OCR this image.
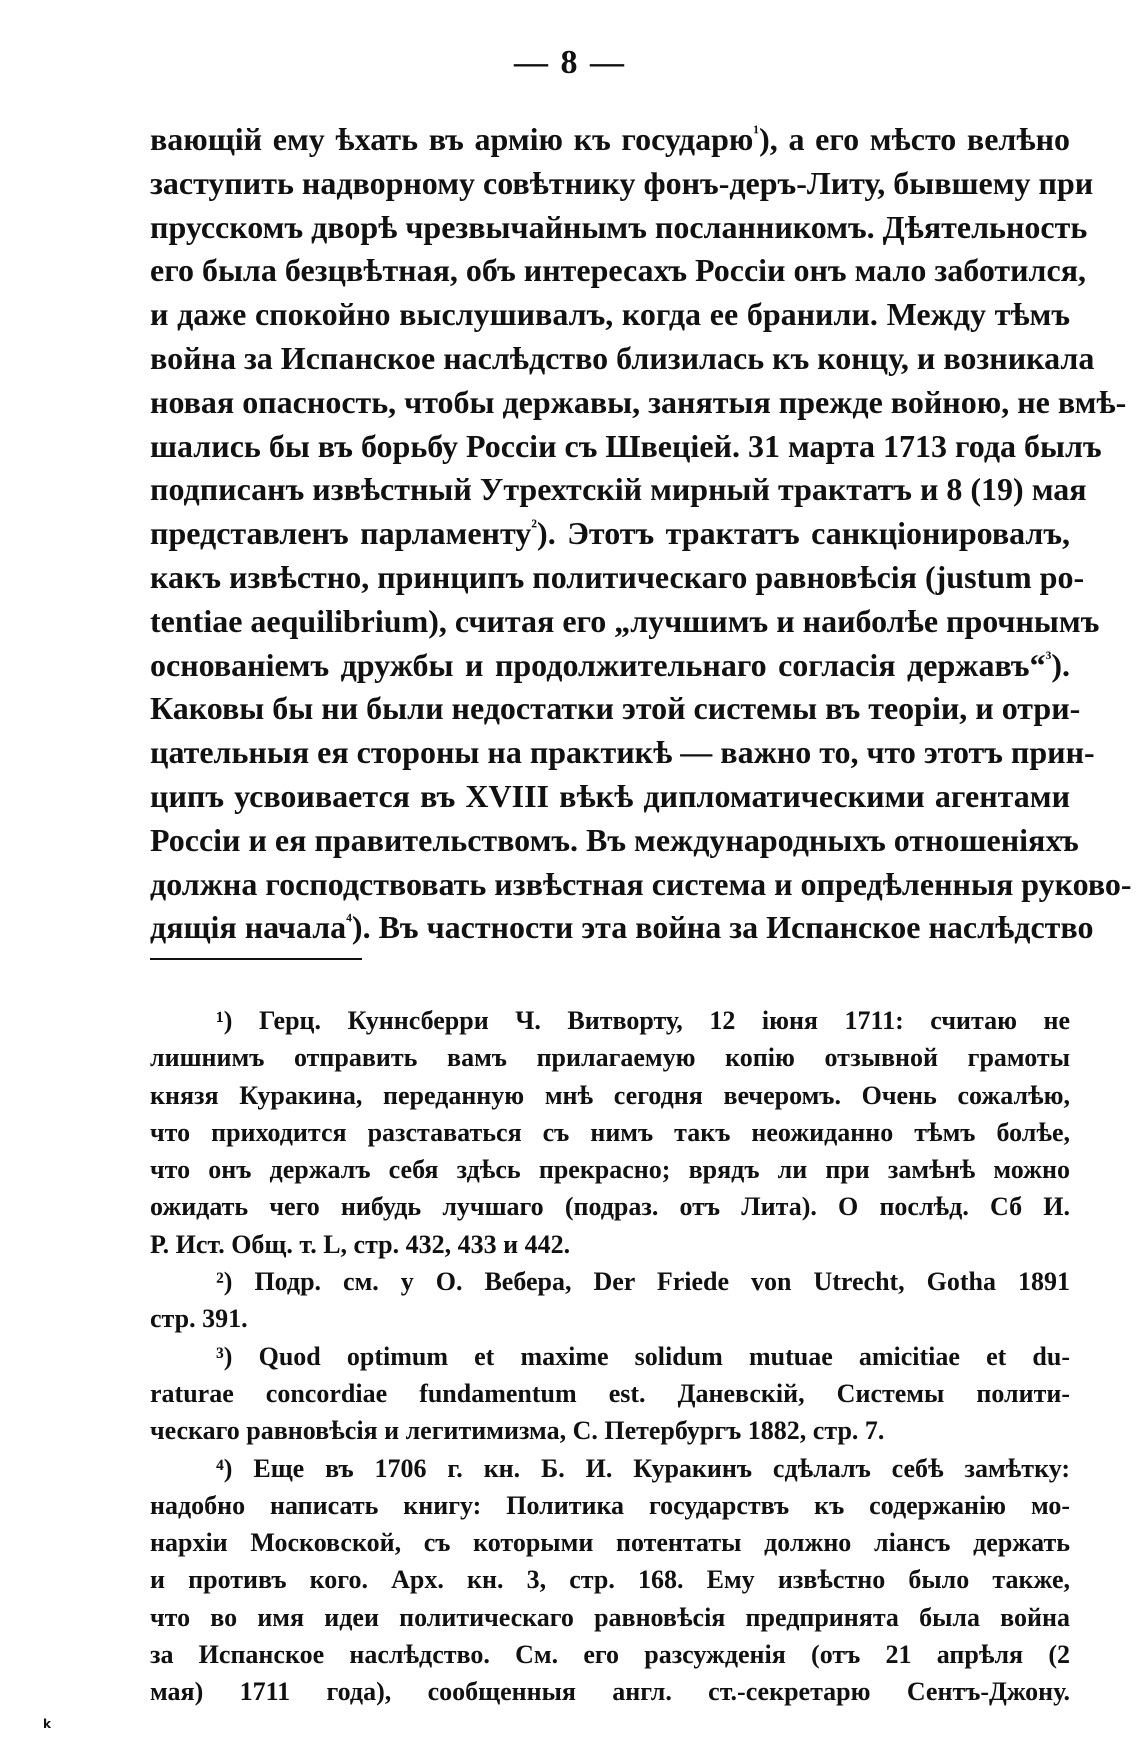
— 8 —
вающій ему ѣхать въ армію къ государю$^{^1}$), а его мѣсто велѣно
заступить надворному совѣтнику фонъ-деръ-Литу, бывшему при
прусскомъ дворѣ чрезвычайнымъ посланникомъ. Дѣятельность
его была безцвѣтная, объ интересахъ Россіи онъ мало заботился,
и даже спокойно выслушивалъ, когда ее бранили. Между тѣмъ
война за Испанское наслѣдство близилась къ концу, и возникала
новая опасность, чтобы державы, занятыя прежде войною, не вмѣ-
шались бы въ борьбу Россіи съ Швеціей. 31 марта 1713 года былъ
подписанъ извѣстный Утрехтскій мирный трактатъ и 8 (19) мая
представленъ парламенту$^{^2}$). Этотъ трактатъ санкціонировалъ,
какъ извѣстно, принципъ политическаго равновѣсія (justum po-
tentiae aequilibrium), считая его „лучшимъ и наиболѣе прочнымъ
основаніемъ дружбы и продолжительнаго согласія державъ“$^{^3}$).
Каковы бы ни были недостатки этой системы въ теоріи, и отри-
цательныя ея стороны на практикѣ — важно то, что этотъ прин-
ципъ усвоивается въ XVIII вѣкѣ дипломатическими агентами
Россіи и ея правительствомъ. Въ международныхъ отношеніяхъ
должна господствовать извѣстная система и опредѣленныя руково-
дящія начала$^{^4}$). Въ частности эта война за Испанское наслѣдство
¹) Герц. Куннсберри Ч. Витворту, 12 іюня 1711: считаю не
лишнимъ отправить вамъ прилагаемую копію отзывной грамоты
князя Куракина, переданную мнѣ сегодня вечеромъ. Очень сожалѣю,
что приходится разставаться съ нимъ такъ неожиданно тѣмъ болѣе,
что онъ держалъ себя здѣсь прекрасно; врядъ ли при замѣнѣ можно
ожидать чего нибудь лучшаго (подраз. отъ Лита). О послѣд. Сб И.
Р. Ист. Общ. т. L, стр. 432, 433 и 442.
²) Подр. см. у О. Вебера, Der Friede von Utrecht, Gotha 1891
стр. 391.
³) Quod optimum et maxime solidum mutuae amicitiae et du-
raturae concordiae fundamentum est. Даневскій, Системы полити-
ческаго равновѣсія и легитимизма, С. Петербургъ 1882, стр. 7.
⁴) Еще въ 1706 г. кн. Б. И. Куракинъ сдѣлалъ себѣ замѣтку:
надобно написать книгу: Политика государствъ къ содержанію мо-
нархіи Московской, съ которыми потентаты должно ліансъ держать
и противъ кого. Арх. кн. 3, стр. 168. Ему извѣстно было также,
что во имя идеи политическаго равновѣсія предпринята была война
за Испанское наслѣдство. См. его разсужденія (отъ 21 апрѣля (2
мая) 1711 года), сообщенныя англ. ст.-секретарю Сентъ-Джону.
k
